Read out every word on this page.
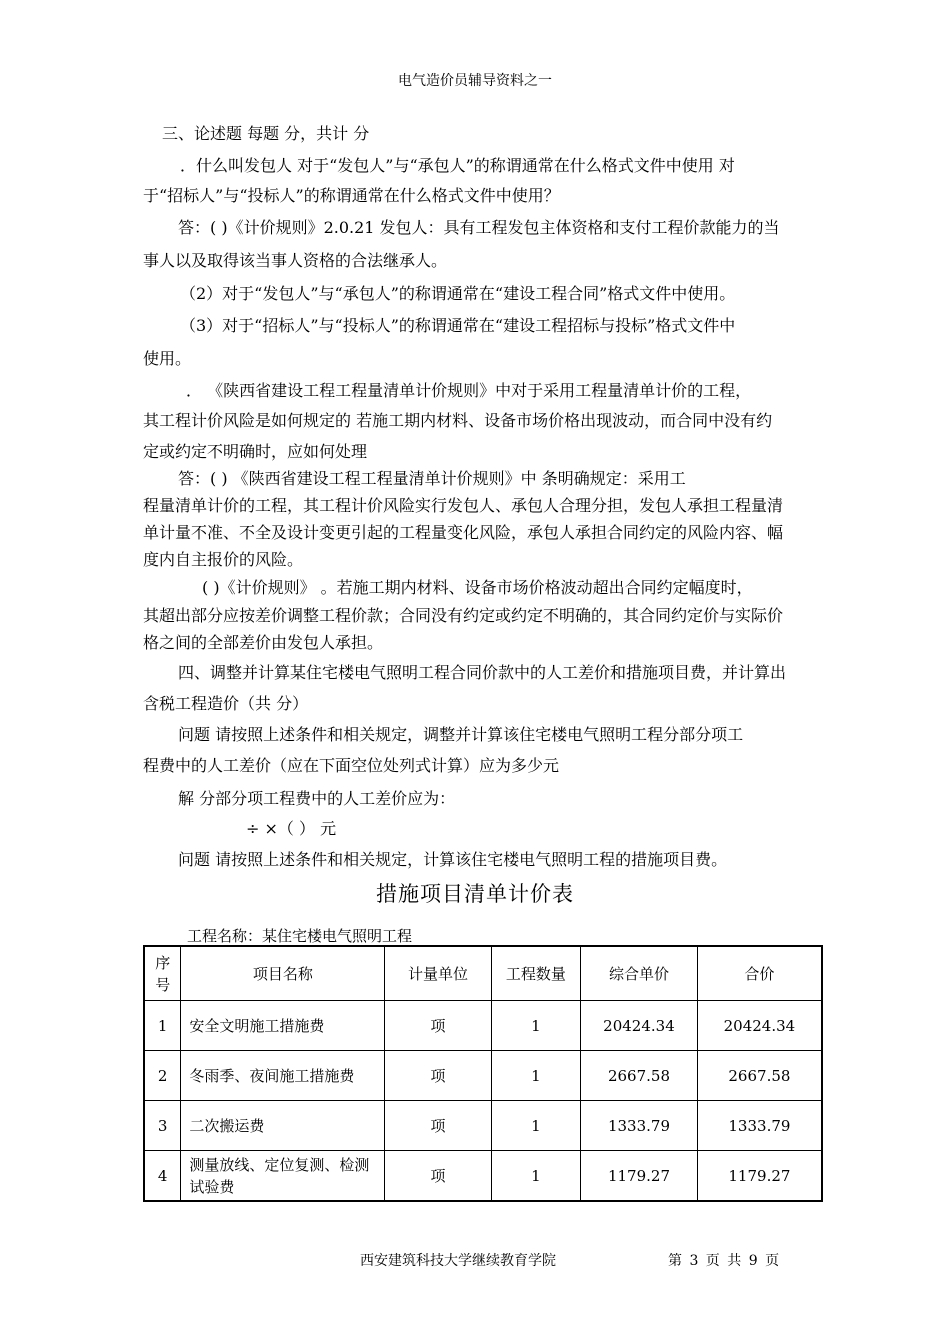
电气造价员辅导资料之一
三、论述题 每题 分，共计 分
．什么叫发包人 对于“发包人”与“承包人”的称谓通常在什么格式文件中使用 对
于“招标人”与“投标人”的称谓通常在什么格式文件中使用？
答：( )《计价规则》2.0.21 发包人：具有工程发包主体资格和支付工程价款能力的当
事人以及取得该当事人资格的合法继承人。
（2）对于“发包人”与“承包人”的称谓通常在“建设工程合同”格式文件中使用。
（3）对于“招标人”与“投标人”的称谓通常在“建设工程招标与投标”格式文件中
使用。
． 《陕西省建设工程工程量清单计价规则》中对于采用工程量清单计价的工程，
其工程计价风险是如何规定的 若施工期内材料、设备市场价格出现波动，而合同中没有约
定或约定不明确时，应如何处理
答：( ) 《陕西省建设工程工程量清单计价规则》中 条明确规定：采用工
程量清单计价的工程，其工程计价风险实行发包人、承包人合理分担，发包人承担工程量清
单计量不准、不全及设计变更引起的工程量变化风险，承包人承担合同约定的风险内容、幅
度内自主报价的风险。
( )《计价规则》 。若施工期内材料、设备市场价格波动超出合同约定幅度时，
其超出部分应按差价调整工程价款；合同没有约定或约定不明确的，其合同约定价与实际价
格之间的全部差价由发包人承担。
四、调整并计算某住宅楼电气照明工程合同价款中的人工差价和措施项目费，并计算出
含税工程造价（共 分）
问题 请按照上述条件和相关规定，调整并计算该住宅楼电气照明工程分部分项工
程费中的人工差价（应在下面空位处列式计算）应为多少元
解 分部分项工程费中的人工差价应为：
÷ ×（ ） 元
问题 请按照上述条件和相关规定，计算该住宅楼电气照明工程的措施项目费。
措施项目清单计价表
工程名称：某住宅楼电气照明工程
序号	项目名称	计量单位	工程数量	综合单价	合价
1	安全文明施工措施费	项	1	20424.34	20424.34
2	冬雨季、夜间施工措施费	项	1	2667.58	2667.58
3	二次搬运费	项	1	1333.79	1333.79
4	测量放线、定位复测、检测试验费	项	1	1179.27	1179.27
西安建筑科技大学继续教育学院	第 3 页 共 9 页
